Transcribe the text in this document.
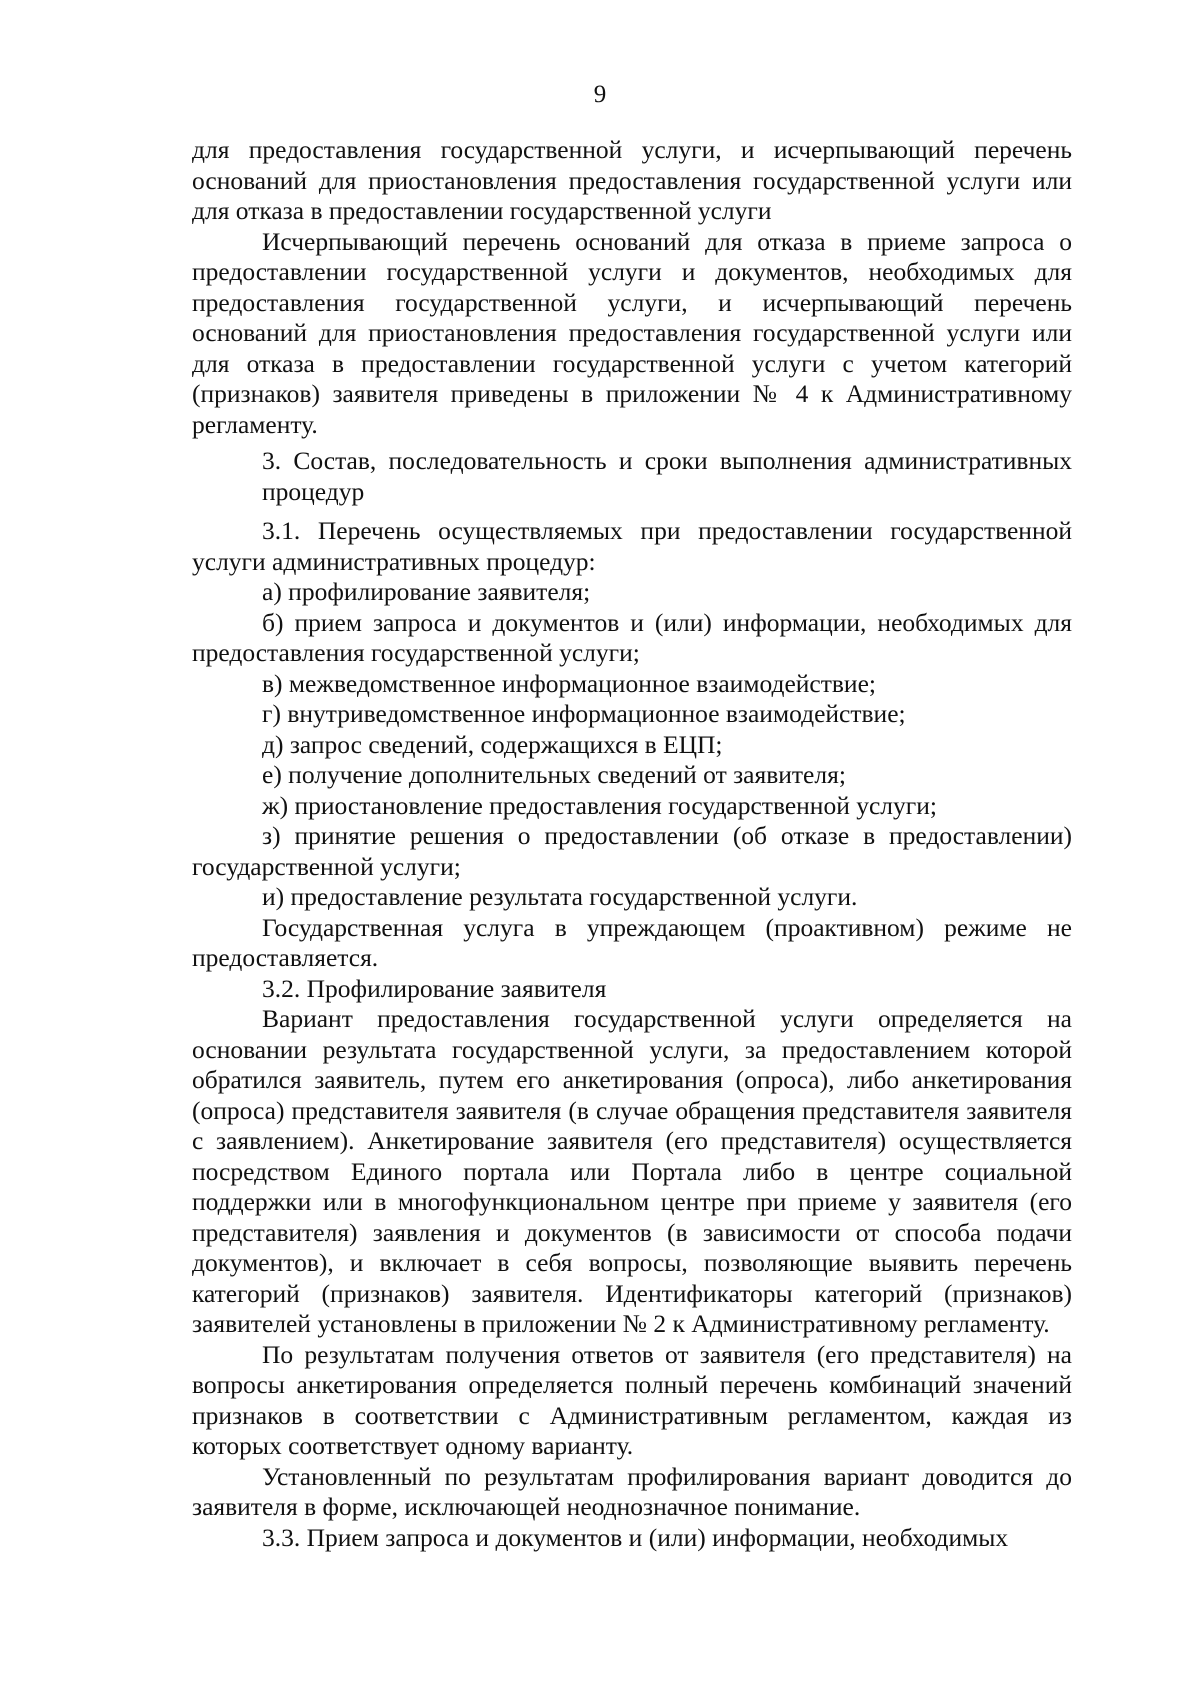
9

для предоставления государственной услуги, и исчерпывающий перечень оснований для приостановления предоставления государственной услуги или для отказа в предоставлении государственной услуги

Исчерпывающий перечень оснований для отказа в приеме запроса о предоставлении государственной услуги и документов, необходимых для предоставления государственной услуги, и исчерпывающий перечень оснований для приостановления предоставления государственной услуги или для отказа в предоставлении государственной услуги с учетом категорий (признаков) заявителя приведены в приложении № 4 к Административному регламенту.

3. Состав, последовательность и сроки выполнения административных процедур

3.1. Перечень осуществляемых при предоставлении государственной услуги административных процедур:

а) профилирование заявителя;

б) прием запроса и документов и (или) информации, необходимых для предоставления государственной услуги;

в) межведомственное информационное взаимодействие;

г) внутриведомственное информационное взаимодействие;

д) запрос сведений, содержащихся в ЕЦП;

е) получение дополнительных сведений от заявителя;

ж) приостановление предоставления государственной услуги;

з) принятие решения о предоставлении (об отказе в предоставлении) государственной услуги;

и) предоставление результата государственной услуги.

Государственная услуга в упреждающем (проактивном) режиме не предоставляется.

3.2. Профилирование заявителя

Вариант предоставления государственной услуги определяется на основании результата государственной услуги, за предоставлением которой обратился заявитель, путем его анкетирования (опроса), либо анкетирования (опроса) представителя заявителя (в случае обращения представителя заявителя с заявлением). Анкетирование заявителя (его представителя) осуществляется посредством Единого портала или Портала либо в центре социальной поддержки или в многофункциональном центре при приеме у заявителя (его представителя) заявления и документов (в зависимости от способа подачи документов), и включает в себя вопросы, позволяющие выявить перечень категорий (признаков) заявителя. Идентификаторы категорий (признаков) заявителей установлены в приложении № 2 к Административному регламенту.

По результатам получения ответов от заявителя (его представителя) на вопросы анкетирования определяется полный перечень комбинаций значений признаков в соответствии с Административным регламентом, каждая из которых соответствует одному варианту.

Установленный по результатам профилирования вариант доводится до заявителя в форме, исключающей неоднозначное понимание.

3.3. Прием запроса и документов и (или) информации, необходимых
